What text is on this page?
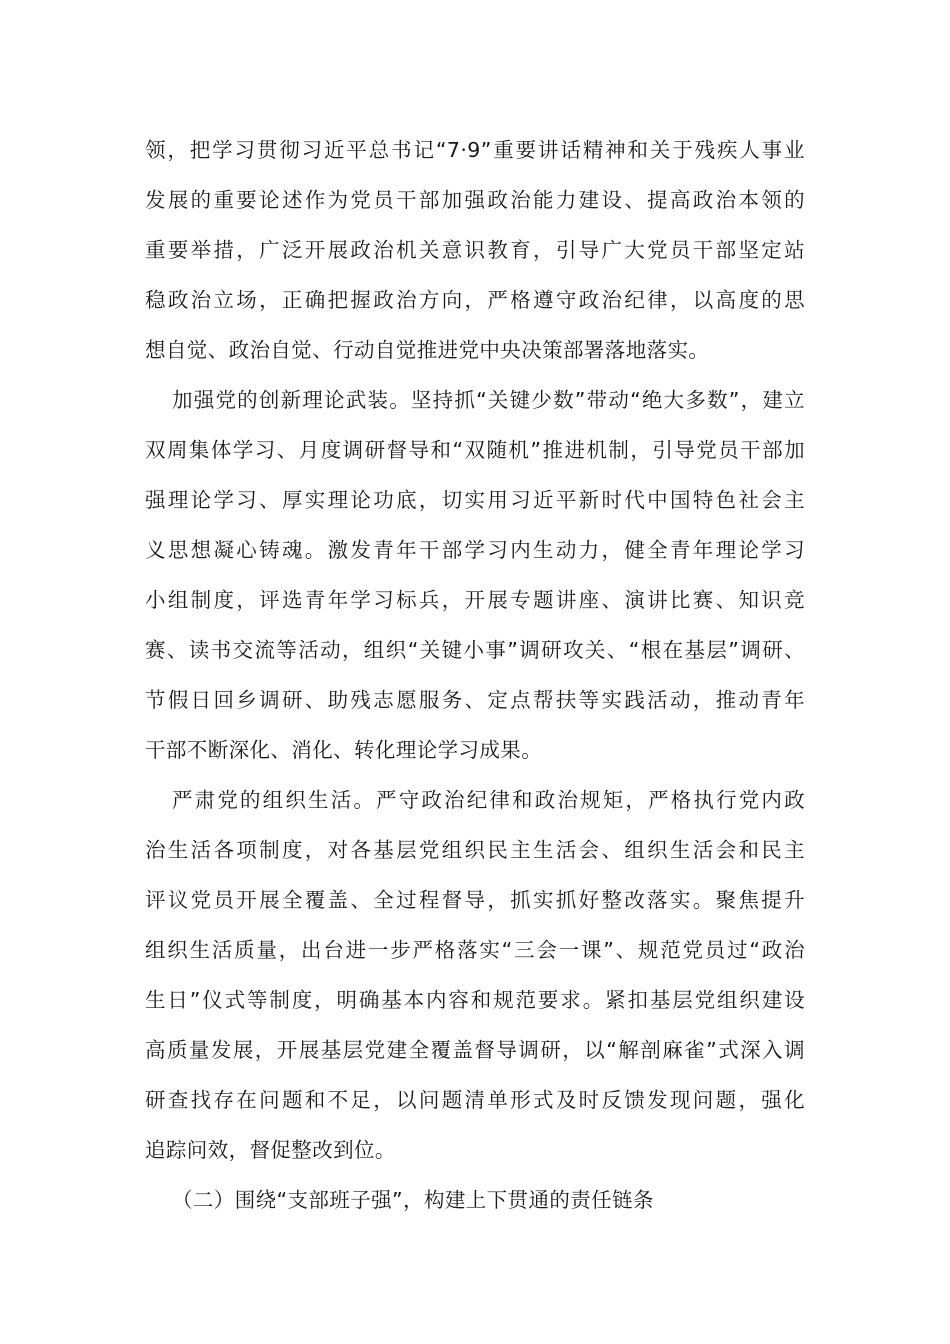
领，把学习贯彻习近平总书记“7·9”重要讲话精神和关于残疾人事业
发展的重要论述作为党员干部加强政治能力建设、提高政治本领的
重要举措，广泛开展政治机关意识教育，引导广大党员干部坚定站
稳政治立场，正确把握政治方向，严格遵守政治纪律，以高度的思
想自觉、政治自觉、行动自觉推进党中央决策部署落地落实。
加强党的创新理论武装。坚持抓“关键少数”带动“绝大多数”，建立
双周集体学习、月度调研督导和“双随机”推进机制，引导党员干部加
强理论学习、厚实理论功底，切实用习近平新时代中国特色社会主
义思想凝心铸魂。激发青年干部学习内生动力，健全青年理论学习
小组制度，评选青年学习标兵，开展专题讲座、演讲比赛、知识竞
赛、读书交流等活动，组织“关键小事”调研攻关、“根在基层”调研、
节假日回乡调研、助残志愿服务、定点帮扶等实践活动，推动青年
干部不断深化、消化、转化理论学习成果。
严肃党的组织生活。严守政治纪律和政治规矩，严格执行党内政
治生活各项制度，对各基层党组织民主生活会、组织生活会和民主
评议党员开展全覆盖、全过程督导，抓实抓好整改落实。聚焦提升
组织生活质量，出台进一步严格落实“三会一课”、规范党员过“政治
生日”仪式等制度，明确基本内容和规范要求。紧扣基层党组织建设
高质量发展，开展基层党建全覆盖督导调研，以“解剖麻雀”式深入调
研查找存在问题和不足，以问题清单形式及时反馈发现问题，强化
追踪问效，督促整改到位。
（二）围绕“支部班子强”，构建上下贯通的责任链条
